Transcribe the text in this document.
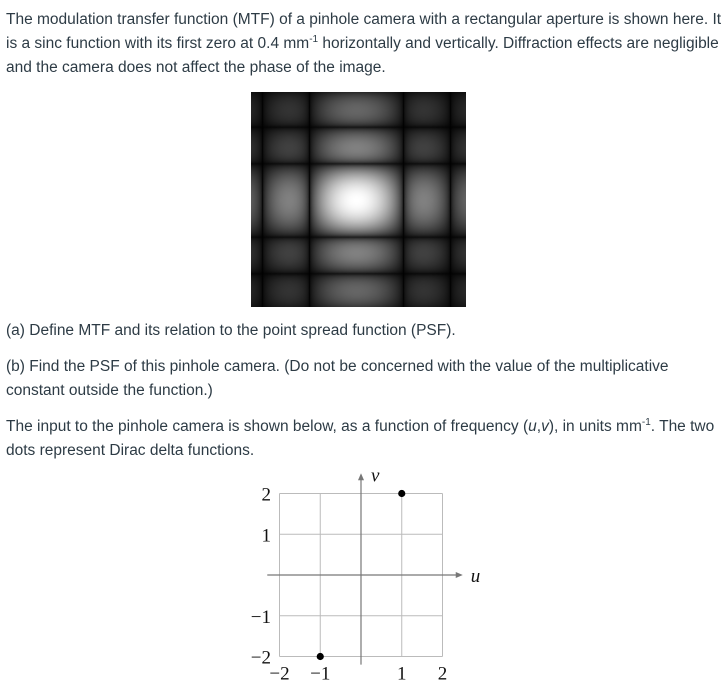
The modulation transfer function (MTF) of a pinhole camera with a rectangular aperture is shown here. It is a sinc function with its first zero at 0.4 $mm^{-1}$ horizontally and vertically. Diffraction effects are negligible and the camera does not affect the phase of the image.

(a) Define MTF and its relation to the point spread function (PSF).

(b) Find the PSF of this pinhole camera. (Do not be concerned with the value of the multiplicative constant outside the function.)

The input to the pinhole camera is shown below, as a function of frequency (u,v), in units $mm^{-1}$. The two dots represent Dirac delta functions.

u
v
2
1
−1
−2
−2 −1	1 2
